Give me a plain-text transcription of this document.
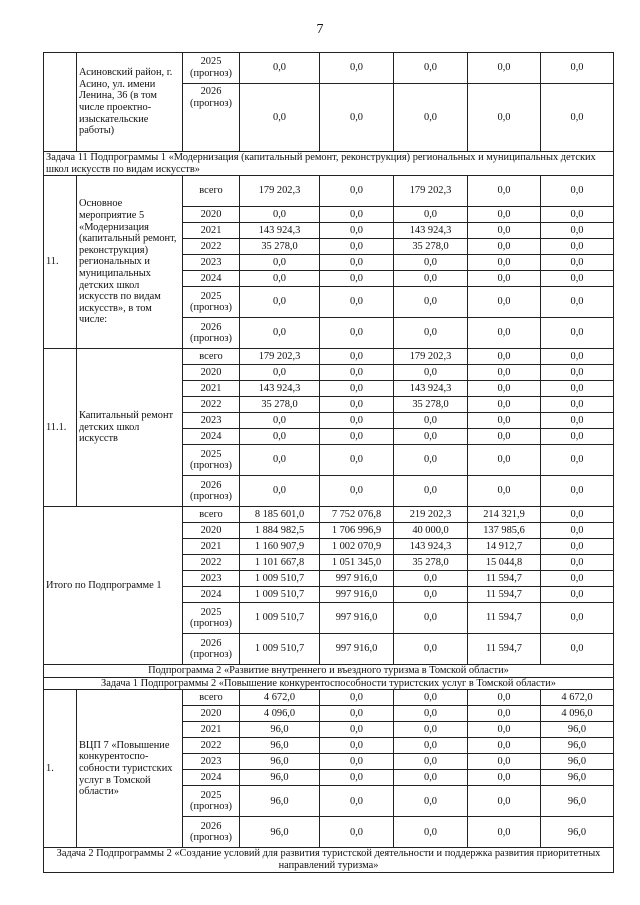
7
	Асиновский район, г. Асино, ул. имени Ленина, 36 (в том числе проектно-изыскательские работы)	2025
(прогноз)	0,0	0,0	0,0	0,0	0,0
		2026
(прогноз)	0,0	0,0	0,0	0,0	0,0
Задача 11 Подпрограммы 1 «Модернизация (капитальный ремонт, реконструкция) региональных и муниципальных детских школ искусств по видам искусств»							
11.	Основное мероприятие 5 «Модернизация (капитальный ремонт, реконструкция) региональных и муниципальных детских школ искусств по видам искусств», в том числе:	всего	179 202,3	0,0	179 202,3	0,0	0,0
		2020	0,0	0,0	0,0	0,0	0,0
		2021	143 924,3	0,0	143 924,3	0,0	0,0
		2022	35 278,0	0,0	35 278,0	0,0	0,0
		2023	0,0	0,0	0,0	0,0	0,0
		2024	0,0	0,0	0,0	0,0	0,0
		2025
(прогноз)	0,0	0,0	0,0	0,0	0,0
		2026
(прогноз)	0,0	0,0	0,0	0,0	0,0
11.1.	Капитальный ремонт детских школ искусств	всего	179 202,3	0,0	179 202,3	0,0	0,0
		2020	0,0	0,0	0,0	0,0	0,0
		2021	143 924,3	0,0	143 924,3	0,0	0,0
		2022	35 278,0	0,0	35 278,0	0,0	0,0
		2023	0,0	0,0	0,0	0,0	0,0
		2024	0,0	0,0	0,0	0,0	0,0
		2025
(прогноз)	0,0	0,0	0,0	0,0	0,0
		2026
(прогноз)	0,0	0,0	0,0	0,0	0,0
Итого по Подпрограмме 1		всего	8 185 601,0	7 752 076,8	219 202,3	214 321,9	0,0
		2020	1 884 982,5	1 706 996,9	40 000,0	137 985,6	0,0
		2021	1 160 907,9	1 002 070,9	143 924,3	14 912,7	0,0
		2022	1 101 667,8	1 051 345,0	35 278,0	15 044,8	0,0
		2023	1 009 510,7	997 916,0	0,0	11 594,7	0,0
		2024	1 009 510,7	997 916,0	0,0	11 594,7	0,0
		2025
(прогноз)	1 009 510,7	997 916,0	0,0	11 594,7	0,0
		2026
(прогноз)	1 009 510,7	997 916,0	0,0	11 594,7	0,0
Подпрограмма 2 «Развитие внутреннего и въездного туризма в Томской области»							
Задача 1 Подпрограммы 2 «Повышение конкурентоспособности туристских услуг в Томской области»							
1.	ВЦП 7 «Повышение конкурентоспо-собности туристских услуг в Томской области»	всего	4 672,0	0,0	0,0	0,0	4 672,0
		2020	4 096,0	0,0	0,0	0,0	4 096,0
		2021	96,0	0,0	0,0	0,0	96,0
		2022	96,0	0,0	0,0	0,0	96,0
		2023	96,0	0,0	0,0	0,0	96,0
		2024	96,0	0,0	0,0	0,0	96,0
		2025
(прогноз)	96,0	0,0	0,0	0,0	96,0
		2026
(прогноз)	96,0	0,0	0,0	0,0	96,0
Задача 2 Подпрограммы 2 «Создание условий для развития туристской деятельности и поддержка развития приоритетных направлений туризма»							
